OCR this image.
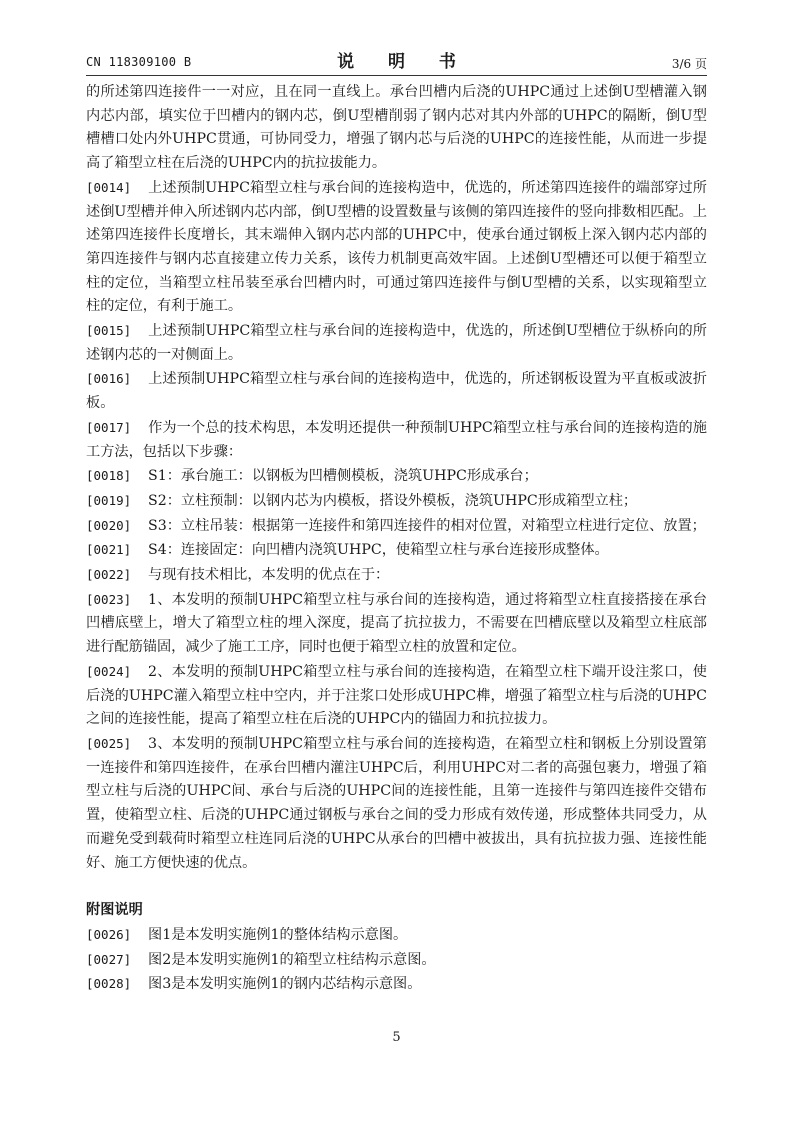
CN 118309100 B	说 明 书	3/6 页

的所述第四连接件一一对应，且在同一直线上。承台凹槽内后浇的UHPC通过上述倒U型槽灌入钢内芯内部，填实位于凹槽内的钢内芯，倒U型槽削弱了钢内芯对其内外部的UHPC的隔断，倒U型槽槽口处内外UHPC贯通，可协同受力，增强了钢内芯与后浇的UHPC的连接性能，从而进一步提高了箱型立柱在后浇的UHPC内的抗拉拔能力。

[0014] 上述预制UHPC箱型立柱与承台间的连接构造中，优选的，所述第四连接件的端部穿过所述倒U型槽并伸入所述钢内芯内部，倒U型槽的设置数量与该侧的第四连接件的竖向排数相匹配。上述第四连接件长度增长，其末端伸入钢内芯内部的UHPC中，使承台通过钢板上深入钢内芯内部的第四连接件与钢内芯直接建立传力关系，该传力机制更高效牢固。上述倒U型槽还可以便于箱型立柱的定位，当箱型立柱吊装至承台凹槽内时，可通过第四连接件与倒U型槽的关系，以实现箱型立柱的定位，有利于施工。

[0015] 上述预制UHPC箱型立柱与承台间的连接构造中，优选的，所述倒U型槽位于纵桥向的所述钢内芯的一对侧面上。

[0016] 上述预制UHPC箱型立柱与承台间的连接构造中，优选的，所述钢板设置为平直板或波折板。

[0017] 作为一个总的技术构思，本发明还提供一种预制UHPC箱型立柱与承台间的连接构造的施工方法，包括以下步骤：

[0018] S1：承台施工：以钢板为凹槽侧模板，浇筑UHPC形成承台；

[0019] S2：立柱预制：以钢内芯为内模板，搭设外模板，浇筑UHPC形成箱型立柱；

[0020] S3：立柱吊装：根据第一连接件和第四连接件的相对位置，对箱型立柱进行定位、放置；

[0021] S4：连接固定：向凹槽内浇筑UHPC，使箱型立柱与承台连接形成整体。

[0022] 与现有技术相比，本发明的优点在于：

[0023] 1、本发明的预制UHPC箱型立柱与承台间的连接构造，通过将箱型立柱直接搭接在承台凹槽底壁上，增大了箱型立柱的埋入深度，提高了抗拉拔力，不需要在凹槽底壁以及箱型立柱底部进行配筋锚固，减少了施工工序，同时也便于箱型立柱的放置和定位。

[0024] 2、本发明的预制UHPC箱型立柱与承台间的连接构造，在箱型立柱下端开设注浆口，使后浇的UHPC灌入箱型立柱中空内，并于注浆口处形成UHPC榫，增强了箱型立柱与后浇的UHPC之间的连接性能，提高了箱型立柱在后浇的UHPC内的锚固力和抗拉拔力。

[0025] 3、本发明的预制UHPC箱型立柱与承台间的连接构造，在箱型立柱和钢板上分别设置第一连接件和第四连接件，在承台凹槽内灌注UHPC后，利用UHPC对二者的高强包裹力，增强了箱型立柱与后浇的UHPC间、承台与后浇的UHPC间的连接性能，且第一连接件与第四连接件交错布置，使箱型立柱、后浇的UHPC通过钢板与承台之间的受力形成有效传递，形成整体共同受力，从而避免受到载荷时箱型立柱连同后浇的UHPC从承台的凹槽中被拔出，具有抗拉拔力强、连接性能好、施工方便快速的优点。

附图说明

[0026] 图1是本发明实施例1的整体结构示意图。

[0027] 图2是本发明实施例1的箱型立柱结构示意图。

[0028] 图3是本发明实施例1的钢内芯结构示意图。

5
